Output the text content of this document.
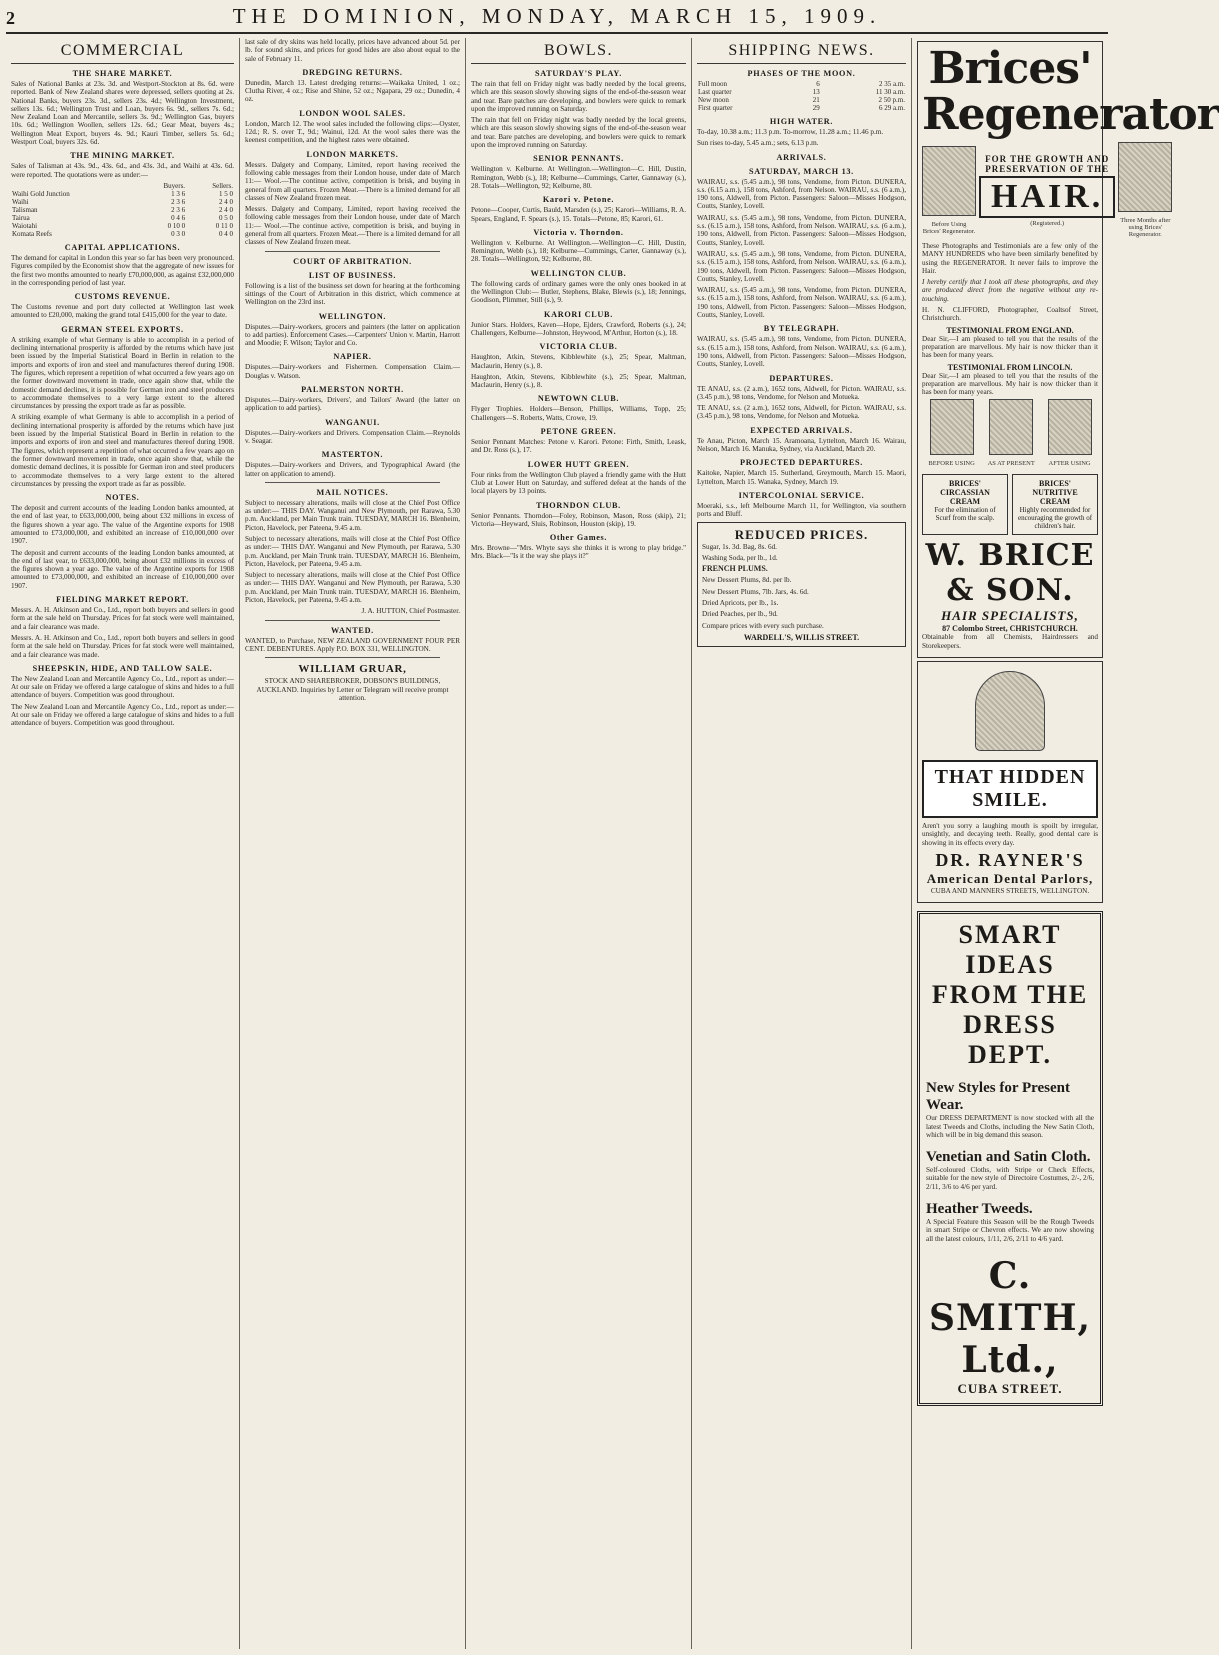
2	THE DOMINION, MONDAY, MARCH 15, 1909.
COMMERCIAL
THE SHARE MARKET.
Sales of National Banks at 23s. 3d. and Westport-Stockton at 8s. 6d. were reported. Bank of New Zealand shares were depressed, sellers quoting at 2s. National Banks, buyers 23s. 3d., sellers 23s. 4d.; Wellington Investment, sellers 13s. 6d.; Wellington Trust and Loan, buyers 6s. 9d., sellers 7s. 6d.; New Zealand Loan and Mercantile, sellers 3s. 9d.; Wellington Gas, buyers 10s. 6d.; Wellington Woollen, sellers 12s. 6d.; Gear Meat, buyers 4s.; Wellington Meat Export, buyers 4s. 9d.; Kauri Timber, sellers 5s. 6d.; Westport Coal, buyers 32s. 6d.
THE MINING MARKET.
Sales of Talisman at 43s. 9d., 43s. 6d., and 43s. 3d., and Waihi at 43s. 6d. were reported. The quotations were as under:—
	Buyers.	Sellers.
Waihi Gold Junction	1 3 6	1 5 0
Waihi	2 3 6	2 4 0
Talisman	2 3 6	2 4 0
Tairua	0 4 6	0 5 0
Waiotahi	0 10 0	0 11 0
Komata Reefs	0 3 0	0 4 0
CAPITAL APPLICATIONS.
The demand for capital in London this year so far has been very pronounced. Figures compiled by the Economist show that the aggregate of new issues for the first two months amounted to nearly £70,000,000, as against £32,000,000 in the corresponding period of last year.
CUSTOMS REVENUE.
The Customs revenue and port duty collected at Wellington last week amounted to £20,000, making the grand total £415,000 for the year to date.
GERMAN STEEL EXPORTS.
A striking example of what Germany is able to accomplish in a period of declining international prosperity is afforded by the returns which have just been issued by the Imperial Statistical Board in Berlin in relation to the imports and exports of iron and steel and manufactures thereof during 1908. The figures, which represent a repetition of what occurred a few years ago on the former downward movement in trade, once again show that, while the domestic demand declines, it is possible for German iron and steel producers to accommodate themselves to a very large extent to the altered circumstances by pressing the export trade as far as possible.
A striking example of what Germany is able to accomplish in a period of declining international prosperity is afforded by the returns which have just been issued by the Imperial Statistical Board in Berlin in relation to the imports and exports of iron and steel and manufactures thereof during 1908. The figures, which represent a repetition of what occurred a few years ago on the former downward movement in trade, once again show that, while the domestic demand declines, it is possible for German iron and steel producers to accommodate themselves to a very large extent to the altered circumstances by pressing the export trade as far as possible.
NOTES.
The deposit and current accounts of the leading London banks amounted, at the end of last year, to £633,000,000, being about £32 millions in excess of the figures shown a year ago. The value of the Argentine exports for 1908 amounted to £73,000,000, and exhibited an increase of £10,000,000 over 1907.
The deposit and current accounts of the leading London banks amounted, at the end of last year, to £633,000,000, being about £32 millions in excess of the figures shown a year ago. The value of the Argentine exports for 1908 amounted to £73,000,000, and exhibited an increase of £10,000,000 over 1907.
FIELDING MARKET REPORT.
Messrs. A. H. Atkinson and Co., Ltd., report both buyers and sellers in good form at the sale held on Thursday. Prices for fat stock were well maintained, and a fair clearance was made.
Messrs. A. H. Atkinson and Co., Ltd., report both buyers and sellers in good form at the sale held on Thursday. Prices for fat stock were well maintained, and a fair clearance was made.
SHEEPSKIN, HIDE, AND TALLOW SALE.
The New Zealand Loan and Mercantile Agency Co., Ltd., report as under:—At our sale on Friday we offered a large catalogue of skins and hides to a full attendance of buyers. Competition was good throughout.
The New Zealand Loan and Mercantile Agency Co., Ltd., report as under:—At our sale on Friday we offered a large catalogue of skins and hides to a full attendance of buyers. Competition was good throughout.
last sale of dry skins was held locally, prices have advanced about 5d. per lb. for sound skins, and prices for good hides are also about equal to the sale of February 11.
DREDGING RETURNS.
Dunedin, March 13. Latest dredging returns:—Waikaka United, 1 oz.; Clutha River, 4 oz.; Rise and Shine, 52 oz.; Ngapara, 29 oz.; Dunedin, 4 oz.
LONDON WOOL SALES.
London, March 12. The wool sales included the following clips:—Oyster, 12d.; R. S. over T., 9d.; Wainui, 12d. At the wool sales there was the keenest competition, and the highest rates were obtained.
LONDON MARKETS.
Messrs. Dalgety and Company, Limited, report having received the following cable messages from their London house, under date of March 11:— Wool.—The continue active, competition is brisk, and buying in general from all quarters. Frozen Meat.—There is a limited demand for all classes of New Zealand frozen meat.
Messrs. Dalgety and Company, Limited, report having received the following cable messages from their London house, under date of March 11:— Wool.—The continue active, competition is brisk, and buying in general from all quarters. Frozen Meat.—There is a limited demand for all classes of New Zealand frozen meat.
COURT OF ARBITRATION.
LIST OF BUSINESS.
Following is a list of the business set down for hearing at the forthcoming sittings of the Court of Arbitration in this district, which commence at Wellington on the 23rd inst.
WELLINGTON.
Disputes.—Dairy-workers, grocers and painters (the latter on application to add parties). Enforcement Cases.—Carpenters' Union v. Martin, Harrott and Moodie; F. Wilson; Taylor and Co.
NAPIER.
Disputes.—Dairy-workers and Fishermen. Compensation Claim.—Douglas v. Watson.
PALMERSTON NORTH.
Disputes.—Dairy-workers, Drivers', and Tailors' Award (the latter on application to add parties).
WANGANUI.
Disputes.—Dairy-workers and Drivers. Compensation Claim.—Reynolds v. Seagar.
MASTERTON.
Disputes.—Dairy-workers and Drivers, and Typographical Award (the latter on application to amend).
MAIL NOTICES.
Subject to necessary alterations, mails will close at the Chief Post Office as under:— THIS DAY. Wanganui and New Plymouth, per Rarawa, 5.30 p.m. Auckland, per Main Trunk train. TUESDAY, MARCH 16. Blenheim, Picton, Havelock, per Pateena, 9.45 a.m.
Subject to necessary alterations, mails will close at the Chief Post Office as under:— THIS DAY. Wanganui and New Plymouth, per Rarawa, 5.30 p.m. Auckland, per Main Trunk train. TUESDAY, MARCH 16. Blenheim, Picton, Havelock, per Pateena, 9.45 a.m.
Subject to necessary alterations, mails will close at the Chief Post Office as under:— THIS DAY. Wanganui and New Plymouth, per Rarawa, 5.30 p.m. Auckland, per Main Trunk train. TUESDAY, MARCH 16. Blenheim, Picton, Havelock, per Pateena, 9.45 a.m.
J. A. HUTTON, Chief Postmaster.
WANTED.
WANTED, to Purchase, NEW ZEALAND GOVERNMENT FOUR PER CENT. DEBENTURES. Apply P.O. BOX 331, WELLINGTON.
WILLIAM GRUAR,
STOCK AND SHAREBROKER, DOBSON'S BUILDINGS, AUCKLAND. Inquiries by Letter or Telegram will receive prompt attention.
BOWLS.
SATURDAY'S PLAY.
The rain that fell on Friday night was badly needed by the local greens, which are this season slowly showing signs of the end-of-the-season wear and tear. Bare patches are developing, and bowlers were quick to remark upon the improved running on Saturday.
The rain that fell on Friday night was badly needed by the local greens, which are this season slowly showing signs of the end-of-the-season wear and tear. Bare patches are developing, and bowlers were quick to remark upon the improved running on Saturday.
SENIOR PENNANTS.
Wellington v. Kelburne. At Wellington.—Wellington—C. Hill, Dustin, Remington, Webb (s.), 18; Kelburne—Cummings, Carter, Gannaway (s.), 28. Totals—Wellington, 92; Kelburne, 80.
Karori v. Petone.
Petone—Cooper, Curtis, Bauld, Marsden (s.), 25; Karori—Williams, R. A. Spears, England, F. Spears (s.), 15. Totals—Petone, 85; Karori, 61.
Victoria v. Thorndon.
Wellington v. Kelburne. At Wellington.—Wellington—C. Hill, Dustin, Remington, Webb (s.), 18; Kelburne—Cummings, Carter, Gannaway (s.), 28. Totals—Wellington, 92; Kelburne, 80.
WELLINGTON CLUB.
The following cards of ordinary games were the only ones booked in at the Wellington Club:— Butler, Stephens, Blake, Blewis (s.), 18; Jennings, Goodison, Plimmer, Still (s.), 9.
KARORI CLUB.
Junior Stars. Holders, Kaven—Hope, Ejders, Crawford, Roberts (s.), 24; Challengers, Kelburne—Johnston, Heywood, M'Arthur, Horton (s.), 18.
VICTORIA CLUB.
Haughton, Atkin, Stevens, Kibblewhite (s.), 25; Spear, Maltman, Maclaurin, Henry (s.), 8.
Haughton, Atkin, Stevens, Kibblewhite (s.), 25; Spear, Maltman, Maclaurin, Henry (s.), 8.
NEWTOWN CLUB.
Flyger Trophies. Holders—Benson, Phillips, Williams, Topp, 25; Challengers—S. Roberts, Watts, Crowe, 19.
PETONE GREEN.
Senior Pennant Matches: Petone v. Karori. Petone: Firth, Smith, Leask, and Dr. Ross (s.), 17.
LOWER HUTT GREEN.
Four rinks from the Wellington Club played a friendly game with the Hutt Club at Lower Hutt on Saturday, and suffered defeat at the hands of the local players by 13 points.
THORNDON CLUB.
Senior Pennants. Thorndon—Foley, Robinson, Mason, Ross (skip), 21; Victoria—Heyward, Sluis, Robinson, Houston (skip), 19.
Other Games.
Mrs. Browne—"Mrs. Whyte says she thinks it is wrong to play bridge." Mrs. Black—"Is it the way she plays it?"
SHIPPING NEWS.
PHASES OF THE MOON.
Full moon	6	2 35 a.m.
Last quarter	13	11 30 a.m.
New moon	21	2 50 p.m.
First quarter	29	6 29 a.m.
HIGH WATER.
To-day, 10.38 a.m.; 11.3 p.m. To-morrow, 11.28 a.m.; 11.46 p.m.
Sun rises to-day, 5.45 a.m.; sets, 6.13 p.m.
ARRIVALS.
SATURDAY, MARCH 13.
WAIRAU, s.s. (5.45 a.m.), 98 tons, Vendome, from Picton. DUNERA, s.s. (6.15 a.m.), 158 tons, Ashford, from Nelson. WAIRAU, s.s. (6 a.m.), 190 tons, Aldwell, from Picton. Passengers: Saloon—Misses Hodgson, Coutts, Stanley, Lovell.
WAIRAU, s.s. (5.45 a.m.), 98 tons, Vendome, from Picton. DUNERA, s.s. (6.15 a.m.), 158 tons, Ashford, from Nelson. WAIRAU, s.s. (6 a.m.), 190 tons, Aldwell, from Picton. Passengers: Saloon—Misses Hodgson, Coutts, Stanley, Lovell.
WAIRAU, s.s. (5.45 a.m.), 98 tons, Vendome, from Picton. DUNERA, s.s. (6.15 a.m.), 158 tons, Ashford, from Nelson. WAIRAU, s.s. (6 a.m.), 190 tons, Aldwell, from Picton. Passengers: Saloon—Misses Hodgson, Coutts, Stanley, Lovell.
WAIRAU, s.s. (5.45 a.m.), 98 tons, Vendome, from Picton. DUNERA, s.s. (6.15 a.m.), 158 tons, Ashford, from Nelson. WAIRAU, s.s. (6 a.m.), 190 tons, Aldwell, from Picton. Passengers: Saloon—Misses Hodgson, Coutts, Stanley, Lovell.
BY TELEGRAPH.
WAIRAU, s.s. (5.45 a.m.), 98 tons, Vendome, from Picton. DUNERA, s.s. (6.15 a.m.), 158 tons, Ashford, from Nelson. WAIRAU, s.s. (6 a.m.), 190 tons, Aldwell, from Picton. Passengers: Saloon—Misses Hodgson, Coutts, Stanley, Lovell.
DEPARTURES.
TE ANAU, s.s. (2 a.m.), 1652 tons, Aldwell, for Picton. WAIRAU, s.s. (3.45 p.m.), 98 tons, Vendome, for Nelson and Motueka.
TE ANAU, s.s. (2 a.m.), 1652 tons, Aldwell, for Picton. WAIRAU, s.s. (3.45 p.m.), 98 tons, Vendome, for Nelson and Motueka.
EXPECTED ARRIVALS.
Te Anau, Picton, March 15. Aramoana, Lyttelton, March 16. Wairau, Nelson, March 16. Manuka, Sydney, via Auckland, March 20.
PROJECTED DEPARTURES.
Kaitoke, Napier, March 15. Sutherland, Greymouth, March 15. Maori, Lyttelton, March 15. Wanaka, Sydney, March 19.
INTERCOLONIAL SERVICE.
Moeraki, s.s., left Melbourne March 11, for Wellington, via southern ports and Bluff.
REDUCED PRICES.
Sugar, 1s. 3d. Bag, 8s. 6d.
Washing Soda, per lb., 1d.
FRENCH PLUMS.
New Dessert Plums, 8d. per lb.
New Dessert Plums, 7lb. Jars, 4s. 6d.
Dried Apricots, per lb., 1s.
Dried Peaches, per lb., 9d.
Compare prices with every such purchase.
WARDELL'S, WILLIS STREET.
Brices' Regenerator
Before Using Brices' Regenerator.
FOR THE GROWTH AND PRESERVATION OF THE
HAIR.
(Registered.)	Three Months after using Brices' Regenerator.
These Photographs and Testimonials are a few only of the MANY HUNDREDS who have been similarly benefited by using the REGENERATOR. It never fails to improve the Hair.
I hereby certify that I took all these photographs, and they are produced direct from the negative without any re-touching.
H. N. CLIFFORD, Photographer, Coaltsof Street, Christchurch.
TESTIMONIAL FROM ENGLAND.
Dear Sir,—I am pleased to tell you that the results of the preparation are marvellous. My hair is now thicker than it has been for many years.
TESTIMONIAL FROM LINCOLN.
Dear Sir,—I am pleased to tell you that the results of the preparation are marvellous. My hair is now thicker than it has been for many years.
BEFORE USING AS AT PRESENT AFTER USING
BRICES' CIRCASSIAN CREAM
For the elimination of Scurf from the scalp.
BRICES' NUTRITIVE CREAM
Highly recommended for encouraging the growth of children's hair.
W. BRICE & SON.
HAIR SPECIALISTS,
87 Colombo Street, CHRISTCHURCH.
Obtainable from all Chemists, Hairdressers and Storekeepers.
THAT HIDDEN SMILE.
Aren't you sorry a laughing mouth is spoilt by irregular, unsightly, and decaying teeth. Really, good dental care is showing in its effects every day.
DR. RAYNER'S
American Dental Parlors,
CUBA AND MANNERS STREETS, WELLINGTON.
SMART IDEAS FROM THE DRESS DEPT.
New Styles for Present Wear.
Our DRESS DEPARTMENT is now stocked with all the latest Tweeds and Cloths, including the New Satin Cloth, which will be in big demand this season.
Venetian and Satin Cloth.
Self-coloured Cloths, with Stripe or Check Effects, suitable for the new style of Directoire Costumes, 2/-, 2/6, 2/11, 3/6 to 4/6 per yard.
Heather Tweeds.
A Special Feature this Season will be the Rough Tweeds in smart Stripe or Chevron effects. We are now showing all the latest colours, 1/11, 2/6, 2/11 to 4/6 yard.
C. SMITH, Ltd.,
CUBA STREET.
